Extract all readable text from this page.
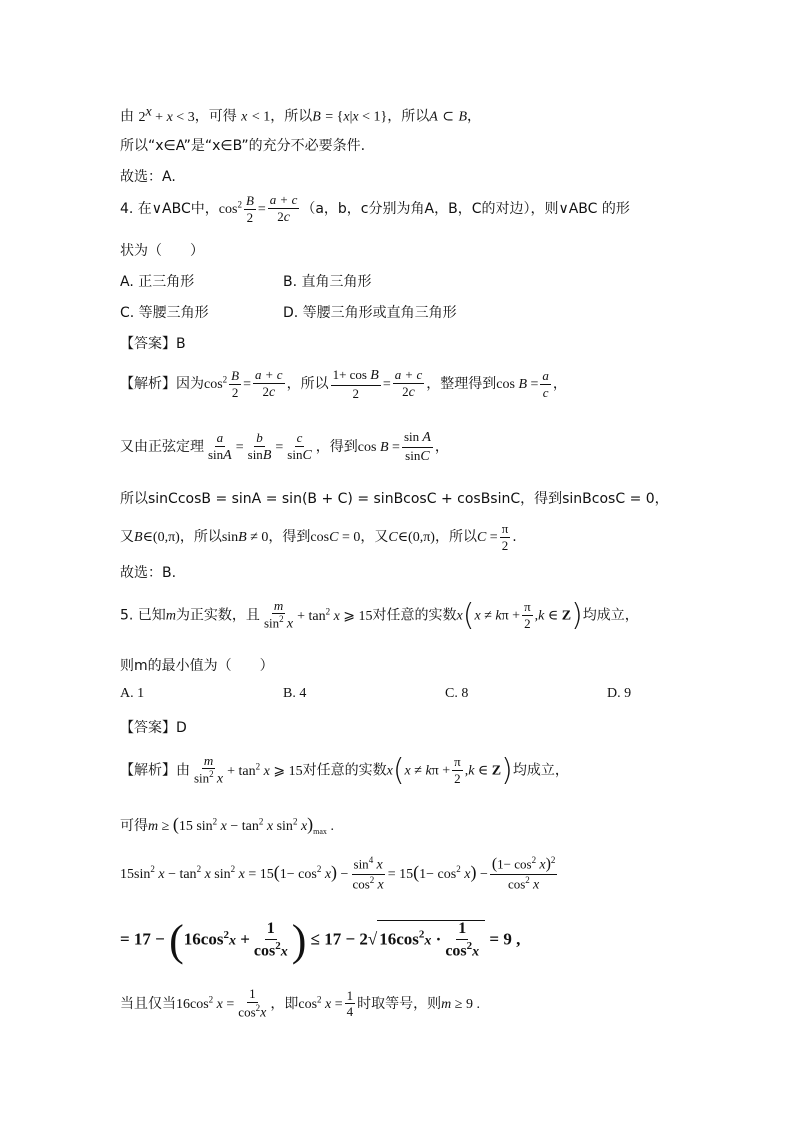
由 $2^x + x < 3$，可得 x < 1，所以B = {x|x < 1}，所以A ⊂ B，
所以“x∈A”是“x∈B”的充分不必要条件.
故选：A.
4. 在∨ABC中，$\cos^2 \frac{B}{2} = \frac{a + c}{2c} (a$，b，c分别为角A，B，C的对边），则∨ABC 的形
状为（　　）
A. 正三角形	B. 直角三角形
C. 等腰三角形	D. 等腰三角形或直角三角形
【答案】B
【解析】因为$\cos^2 \frac{B}{2} = \frac{a + c}{2c}$ ，所以 $\frac{\text{1+ cos B}}{2} = \frac{a + c}{2c}$ ，整理得到$\cos B = \frac{a}{c}$ ，
又由正弦定理 $\frac{a}{\sin A} = \frac{b}{\sin B} = \frac{c}{\sin C}$ ，得到$\cos B = \frac{\text{sin A}}{\sin C}$ ，
所以sinCcosB = sinA = sin(B + C) = sinBcosC + cosBsinC，得到sinBcosC = 0，
又B∈(0,π)，所以sinB ≠ 0，得到cosC = 0，又C∈(0,π)，所以$C = \frac{\pi}{2}$ .
故选：B.
5. 已知m为正实数，且 $\frac{m}{\sin^2 x} + \tan^2 x$ ⩾ 15对任意的实数$x(x \ne k\pi + \frac{\pi}{2} ,k$ ∈ Z)均成立，
则m的最小值为（　　）
A. 1	B. 4	C. 8	D. 9
【答案】D
【解析】由 $\frac{m}{\sin^2 x} + \tan^2 x$ ⩾ 15对任意的实数$x(x \ne k\pi + \frac{\pi}{2} ,k$ ∈ Z)均成立，
可得m ≥ (15 $\sin^2 x - \tan^2 x$ $\sin^2 x)_{max}$ .
$15\sin^2$ $x - \tan^2 x$ $\sin^2 x = 15(1- \cos^2 x) - \frac{\sin^4 x}{\cos^2 x} = 15(1- \cos^2 x) - \frac{(1- \cos^2 x)^2}{\cos^2 x}$
= $17 - (16\cos^2x + \frac{1}{\cos^2x}$ ) ≤ 17 − 2√ $16\cos^2x \cdot \frac{1}{\cos^2x} = 9$ ,
当且仅当$16\cos^2$ $x = \frac{1}{\cos^2x}$ ，即$\cos^2 x = \frac{1}{4}$ 时取等号，则m ≥ 9 .
